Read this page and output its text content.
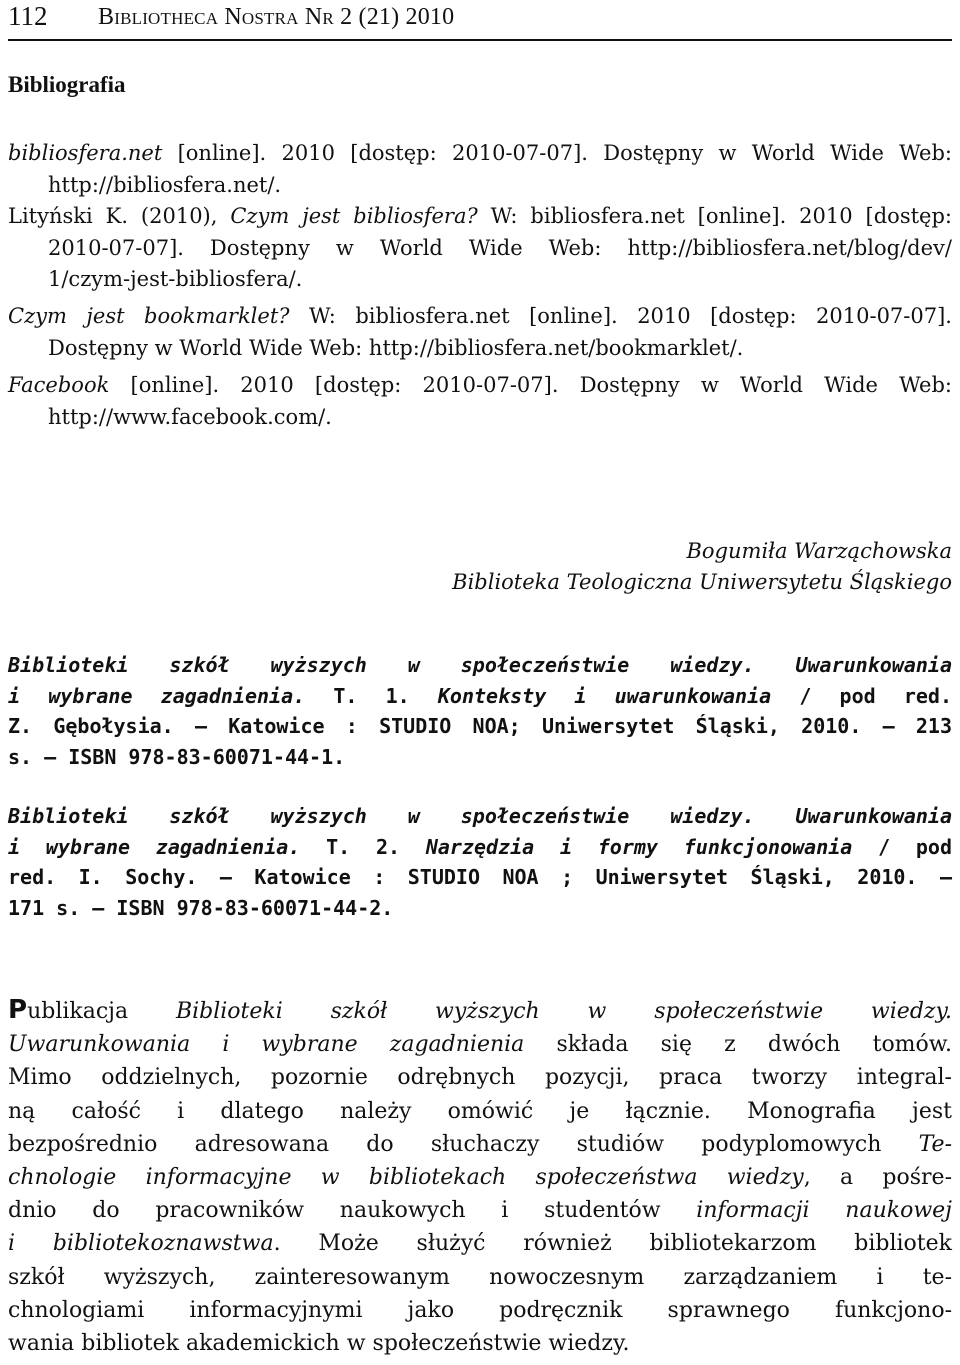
112 Bibliotheca Nostra Nr 2 (21) 2010
Bibliografia
bibliosfera.net [online]. 2010 [dostęp: 2010-07-07]. Dostępny w World Wide Web:
http://bibliosfera.net/.
Lityński K. (2010), Czym jest bibliosfera? W: bibliosfera.net [online]. 2010 [dostęp:
2010-07-07]. Dostępny w World Wide Web: http://bibliosfera.net/blog/dev/
1/czym-jest-bibliosfera/.
Czym jest bookmarklet? W: bibliosfera.net [online]. 2010 [dostęp: 2010-07-07].
Dostępny w World Wide Web: http://bibliosfera.net/bookmarklet/.
Facebook [online]. 2010 [dostęp: 2010-07-07]. Dostępny w World Wide Web:
http://www.facebook.com/.
Bogumiła Warząchowska
Biblioteka Teologiczna Uniwersytetu Śląskiego
Biblioteki szkół wyższych w społeczeństwie wiedzy. Uwarunkowania
i wybrane zagadnienia. T. 1. Konteksty i uwarunkowania / pod red.
Z. Gębołysia. – Katowice : STUDIO NOA; Uniwersytet Śląski, 2010. – 213
s. – ISBN 978-83-60071-44-1.
Biblioteki szkół wyższych w społeczeństwie wiedzy. Uwarunkowania
i wybrane zagadnienia. T. 2. Narzędzia i formy funkcjonowania / pod
red. I. Sochy. – Katowice : STUDIO NOA ; Uniwersytet Śląski, 2010. –
171 s. – ISBN 978-83-60071-44-2.
Publikacja Biblioteki szkół wyższych w społeczeństwie wiedzy.
Uwarunkowania i wybrane zagadnienia składa się z dwóch tomów.
Mimo oddzielnych, pozornie odrębnych pozycji, praca tworzy integral-
ną całość i dlatego należy omówić je łącznie. Monografia jest
bezpośrednio adresowana do słuchaczy studiów podyplomowych Te-
chnologie informacyjne w bibliotekach społeczeństwa wiedzy, a pośre-
dnio do pracowników naukowych i studentów informacji naukowej
i bibliotekoznawstwa. Może służyć również bibliotekarzom bibliotek
szkół wyższych, zainteresowanym nowoczesnym zarządzaniem i te-
chnologiami informacyjnymi jako podręcznik sprawnego funkcjono-
wania bibliotek akademickich w społeczeństwie wiedzy.
